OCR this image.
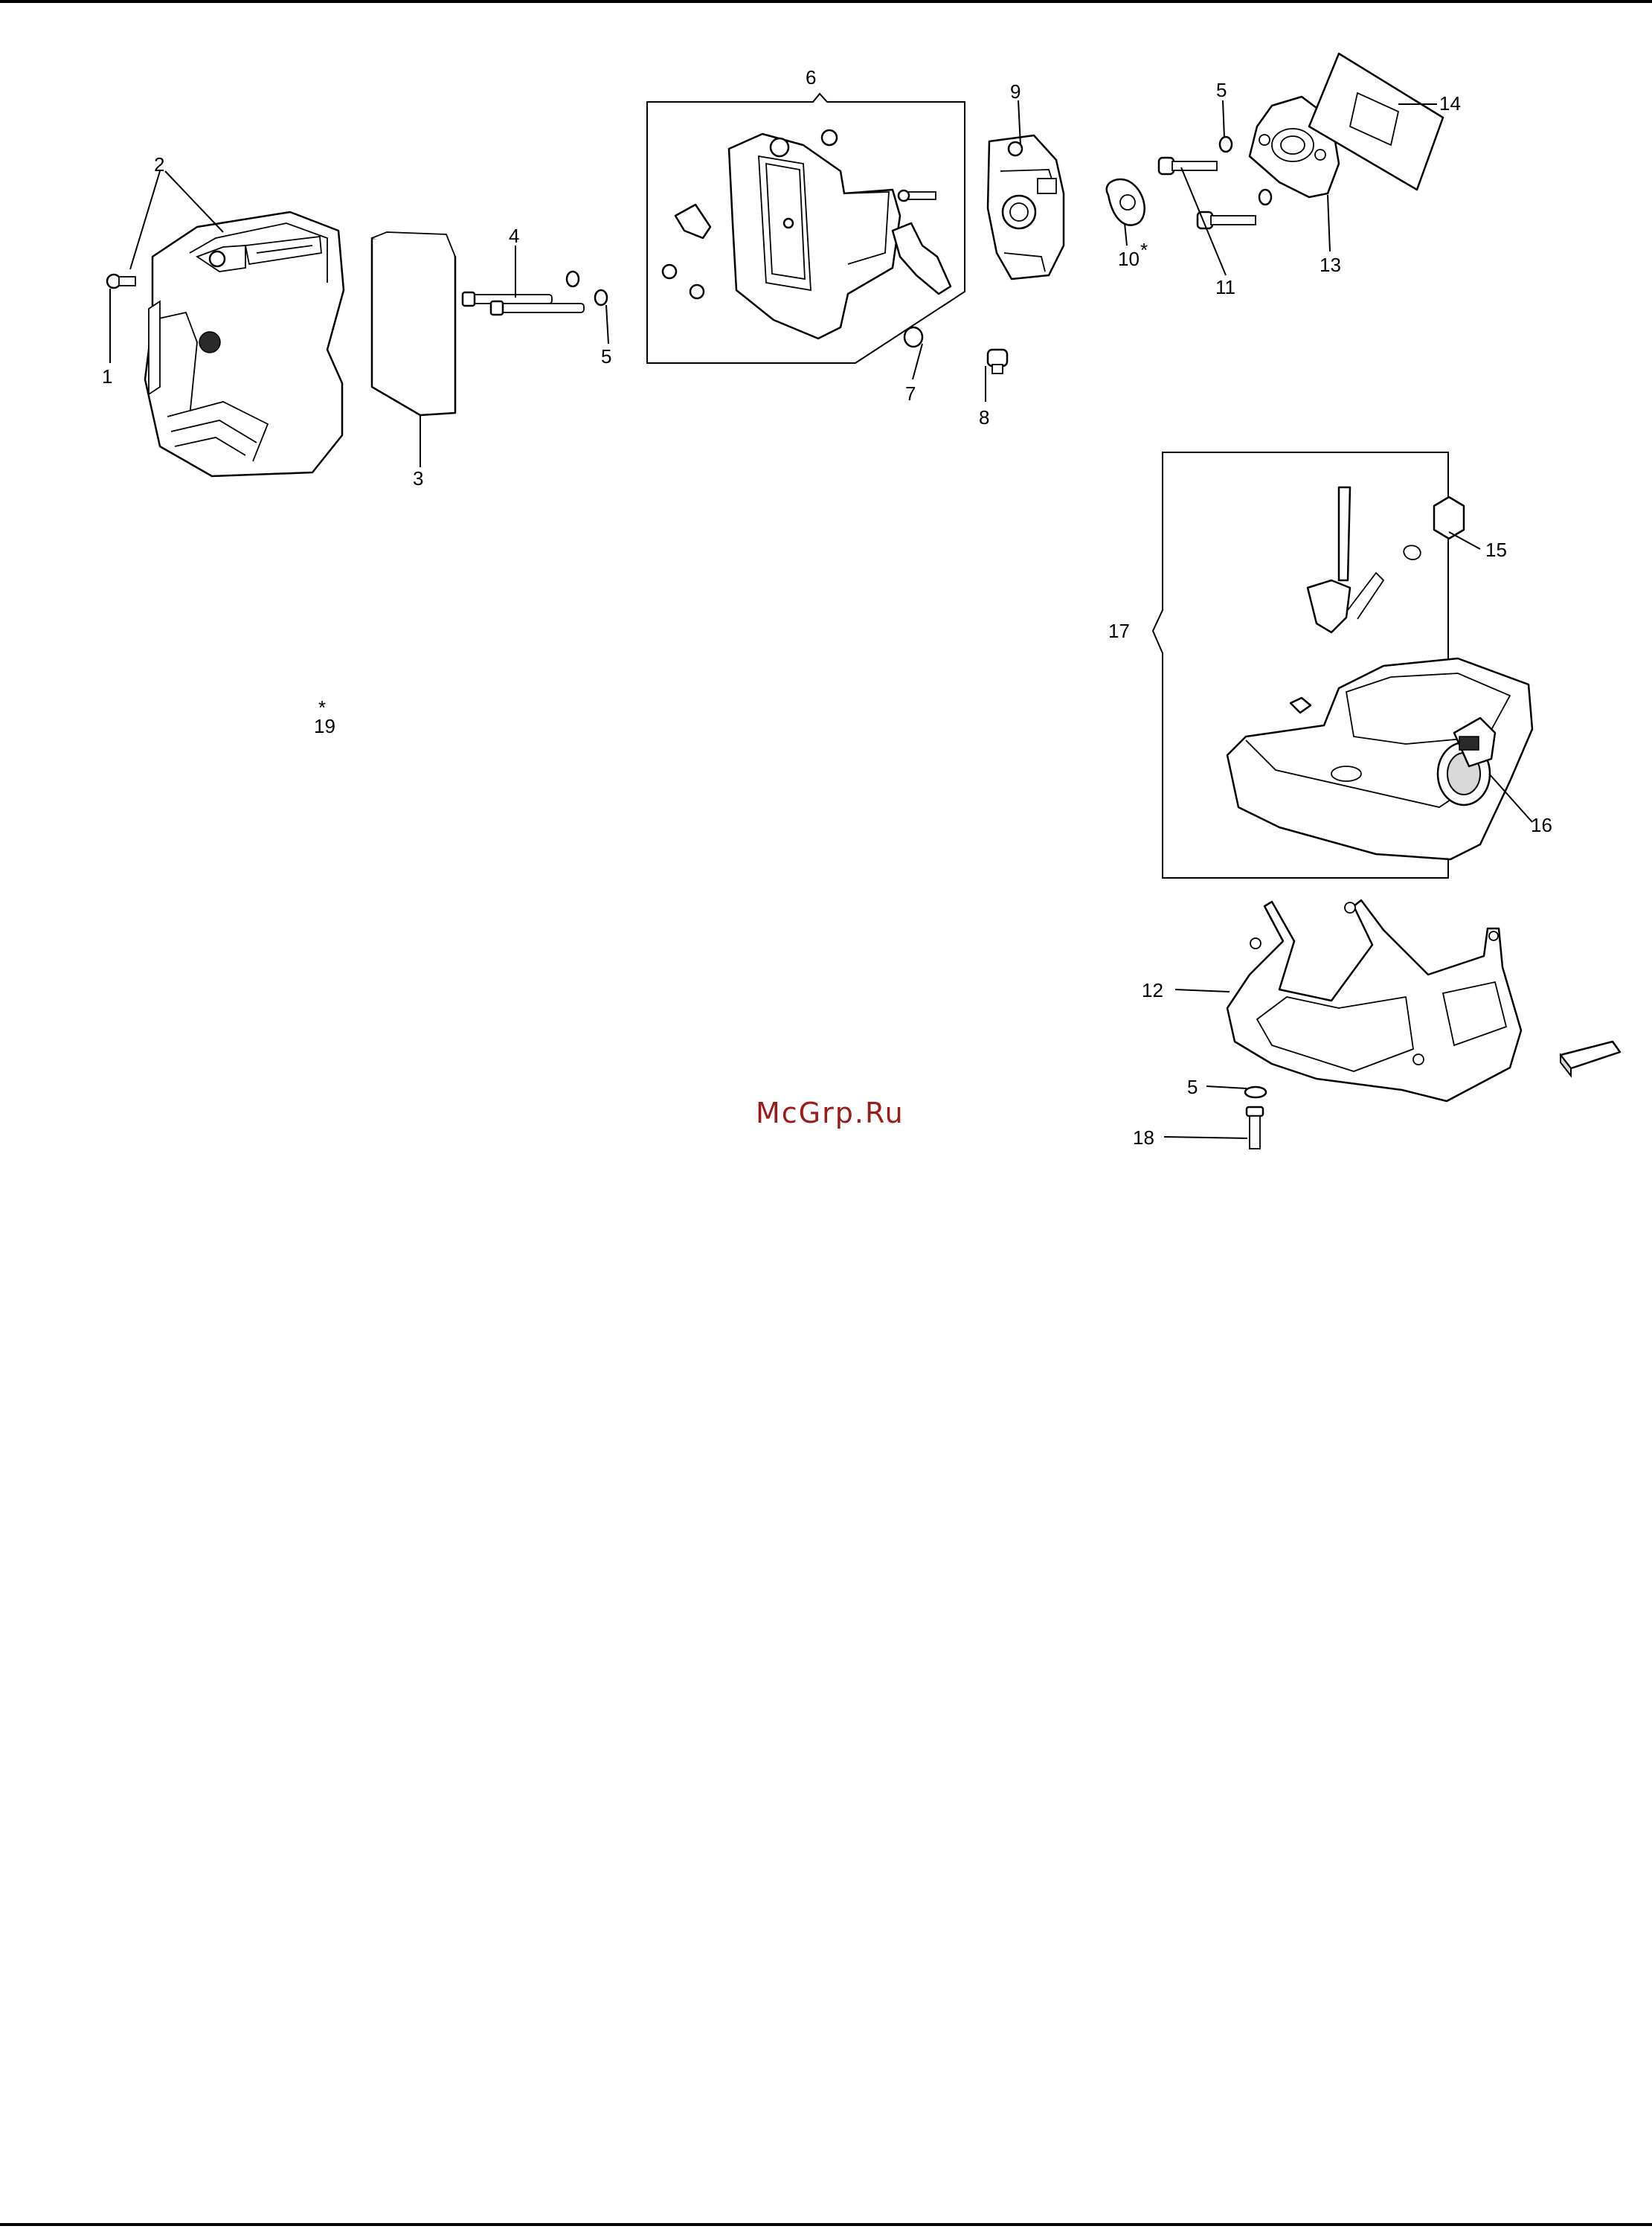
1
2
3
4
5
6
7
8
9
10 *
11
5
13
14
15
17
16
12
5
18
*
19
McGrp.Ru
